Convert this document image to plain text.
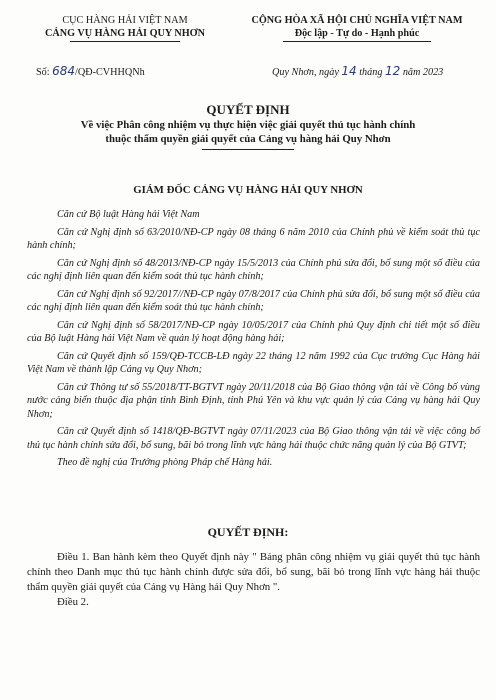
CỤC HÀNG HẢI VIỆT NAM
CẢNG VỤ HÀNG HẢI QUY NHƠN
CỘNG HÒA XÃ HỘI CHỦ NGHĨA VIỆT NAM
Độc lập - Tự do - Hạnh phúc
Số: 684/QĐ-CVHHQNh	Quy Nhơn, ngày 14 tháng 12 năm 2023
QUYẾT ĐỊNH
Về việc Phân công nhiệm vụ thực hiện việc giải quyết thủ tục hành chính
thuộc thẩm quyền giải quyết của Cảng vụ hàng hải Quy Nhơn
GIÁM ĐỐC CẢNG VỤ HÀNG HẢI QUY NHƠN

Căn cứ Bộ luật Hàng hải Việt Nam

Căn cứ Nghị định số 63/2010/NĐ-CP ngày 08 tháng 6 năm 2010 của Chính phủ về kiểm soát thủ tục hành chính;

Căn cứ Nghị định số 48/2013/NĐ-CP ngày 15/5/2013 của Chính phủ sửa đổi, bổ sung một số điều của các nghị định liên quan đến kiểm soát thủ tục hành chính;

Căn cứ Nghị định số 92/2017//NĐ-CP ngày 07/8/2017 của Chính phủ sửa đổi, bổ sung một số điều của các nghị định liên quan đến kiểm soát thủ tục hành chính;

Căn cứ Nghị định số 58/2017/NĐ-CP ngày 10/05/2017 của Chính phủ Quy định chi tiết một số điều của Bộ luật Hàng hải Việt Nam về quản lý hoạt động hàng hải;

Căn cứ Quyết định số 159/QĐ-TCCB-LĐ ngày 22 tháng 12 năm 1992 của Cục trưởng Cục Hàng hải Việt Nam về thành lập Cảng vụ Quy Nhơn;

Căn cứ Thông tư số 55/2018/TT-BGTVT ngày 20/11/2018 của Bộ Giao thông vận tải về Công bố vùng nước cảng biển thuộc địa phận tỉnh Bình Định, tỉnh Phú Yên và khu vực quản lý của Cảng vụ hàng hải Quy Nhơn;

Căn cứ Quyết định số 1418/QĐ-BGTVT ngày 07/11/2023 của Bộ Giao thông vận tải về việc công bố thủ tục hành chính sửa đổi, bổ sung, bãi bỏ trong lĩnh vực hàng hải thuộc chức năng quản lý của Bộ GTVT;

Theo đề nghị của Trưởng phòng Pháp chế Hàng hải.

QUYẾT ĐỊNH:

Điều 1. Ban hành kèm theo Quyết định này " Bảng phân công nhiệm vụ giải quyết thủ tục hành chính theo Danh mục thủ tục hành chính được sửa đổi, bổ sung, bãi bỏ trong lĩnh vực hàng hải thuộc thẩm quyền giải quyết của Cảng vụ Hàng hải Quy Nhơn ".

Điều 2.
